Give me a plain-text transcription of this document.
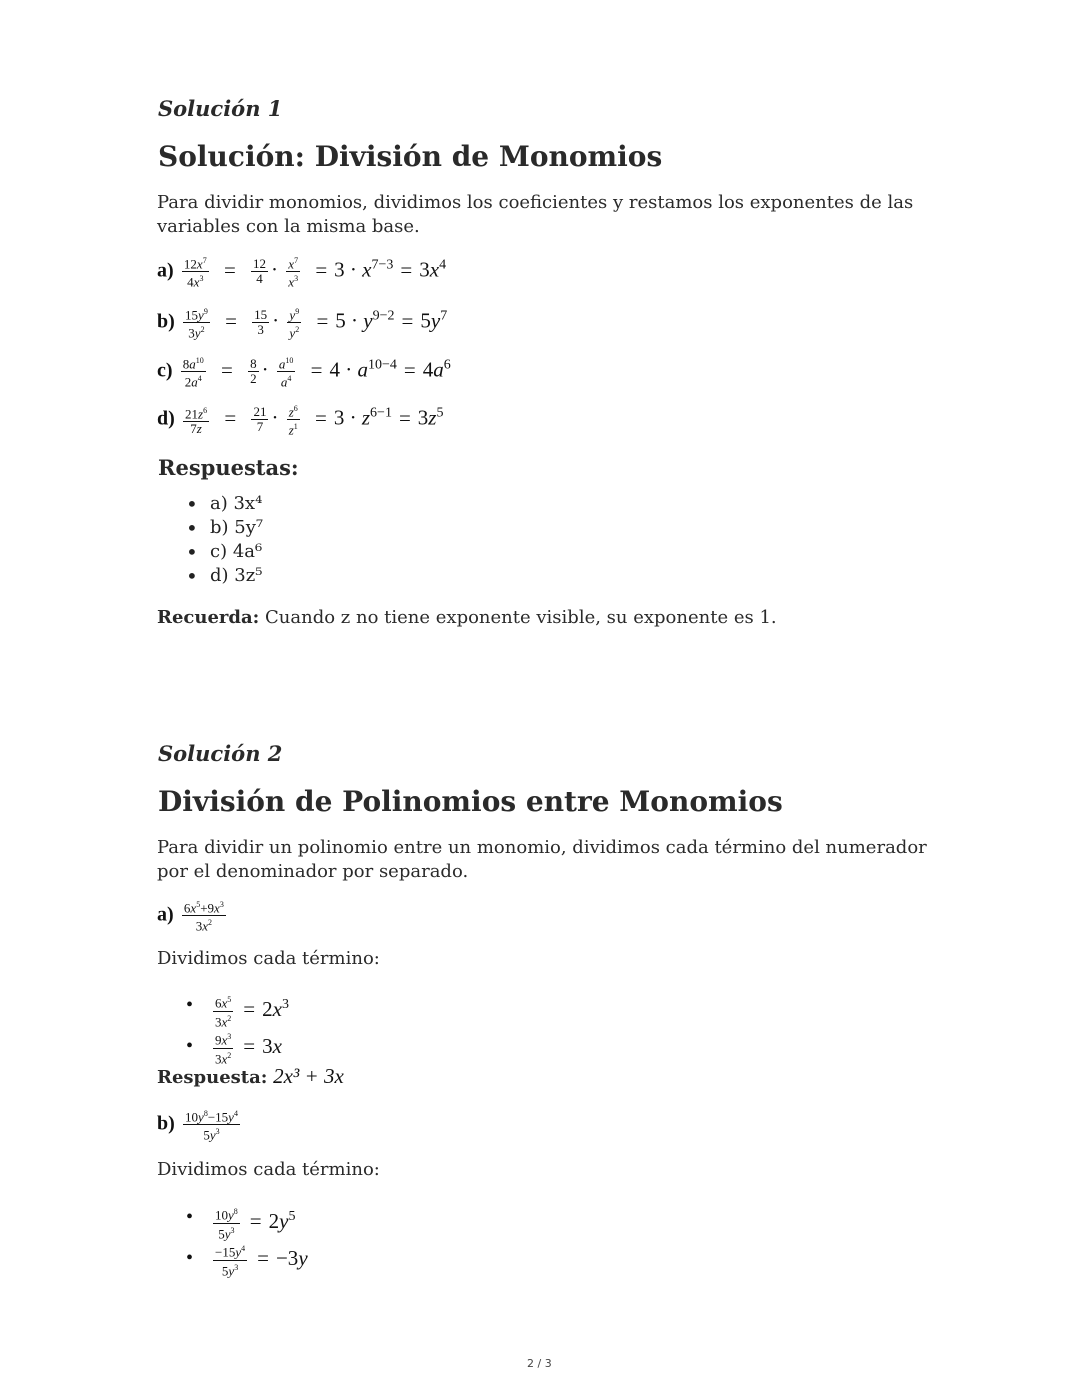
Solución 1
Solución: División de Monomios
Para dividir monomios, dividimos los coeficientes y restamos los exponentes de las variables con la misma base.
$a) \frac{12x^7}{4x^3} = \frac{12}{4} \cdot \frac{x^7}{x^3} = 3 \cdot x^{7-3} = 3x^4$
$b) \frac{15y^9}{3y^2} = \frac{15}{3} \cdot \frac{y^9}{y^2} = 5 \cdot y^{9-2} = 5y^7$
$c) \frac{8a^{10}}{2a^4} = \frac{8}{2} \cdot \frac{a^{10}}{a^4} = 4 \cdot a^{10-4} = 4a^6$
$d) \frac{21z^6}{7z} = \frac{21}{7} \cdot \frac{z^6}{z^1} = 3 \cdot z^{6-1} = 3z^5$
Respuestas:
• a) 3x⁴
• b) 5y⁷
• c) 4a⁶
• d) 3z⁵
Recuerda: Cuando z no tiene exponente visible, su exponente es 1.
Solución 2
División de Polinomios entre Monomios
Para dividir un polinomio entre un monomio, dividimos cada término del numerador por el denominador por separado.
$a) \frac{6x^5+9x^3}{3x^2}$
Dividimos cada término:
• $\frac{6x^5}{3x^2} = 2x^3$
• $\frac{9x^3}{3x^2} = 3x$
Respuesta: 2x³ + 3x
$b) \frac{10y^8-15y^4}{5y^3}$
Dividimos cada término:
• $\frac{10y^8}{5y^3} = 2y^5$
• $\frac{-15y^4}{5y^3} = -3y$
2 / 3
